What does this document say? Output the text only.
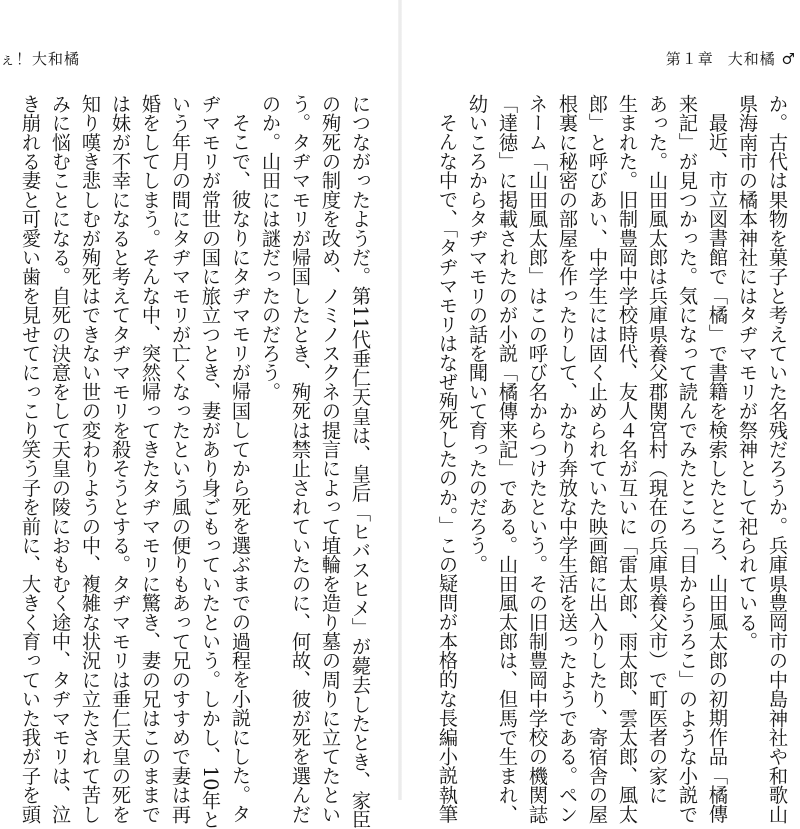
ぇ！大和橘	第１章 大和橘 ♂
か。古代は果物を菓子と考えていた名残だろうか。兵庫県豊岡市の中島神社や和歌山
県海南市の橘本神社にはタヂマモリが祭神として祀られている。
最近、市立図書館で「橘」で書籍を検索したところ、山田風太郎の初期作品「橘傳
来記」が見つかった。気になって読んでみたところ「目からうろこ」のような小説で
あった。山田風太郎は兵庫県養父郡関宮村（現在の兵庫県養父市）で町医者の家に
生まれた。旧制豊岡中学校時代、友人４名が互いに「雷太郎、雨太郎、雲太郎、風太
郎」と呼びあい、中学生には固く止められていた映画館に出入りしたり、寄宿舎の屋
根裏に秘密の部屋を作ったりして、かなり奔放な中学生活を送ったようである。ペン
ネーム「山田風太郎」はこの呼び名からつけたという。その旧制豊岡中学校の機関誌
「達徳」に掲載されたのが小説「橘傳来記」である。山田風太郎は、但馬で生まれ、
幼いころからタヂマモリの話を聞いて育ったのだろう。
そんな中で、「タヂマモリはなぜ殉死したのか。」この疑問が本格的な長編小説執筆
につながったようだ。第11代垂仁天皇は、皇后「ヒバスヒメ」が薨去したとき、家臣
の殉死の制度を改め、ノミノスクネの提言によって埴輪を造り墓の周りに立てたとい
う。タヂマモリが帰国したとき、殉死は禁止されていたのに、何故、彼が死を選んだ
のか。山田には謎だったのだろう。
そこで、彼なりにタヂマモリが帰国してから死を選ぶまでの過程を小説にした。タ
ヂマモリが常世の国に旅立つとき、妻があり身ごもっていたという。しかし、10年と
いう年月の間にタヂマモリが亡くなったという風の便りもあって兄のすすめで妻は再
婚をしてしまう。そんな中、突然帰ってきたタヂマモリに驚き、妻の兄はこのままで
は妹が不幸になると考えてタヂマモリを殺そうとする。タヂマモリは垂仁天皇の死を
知り嘆き悲しむが殉死はできない世の変わりようの中、複雑な状況に立たされて苦し
みに悩むことになる。自死の決意をして天皇の陵におもむく途中、タヂマモリは、泣
き崩れる妻と可愛い歯を見せてにっこり笑う子を前に、大きく育っていた我が子を頭
